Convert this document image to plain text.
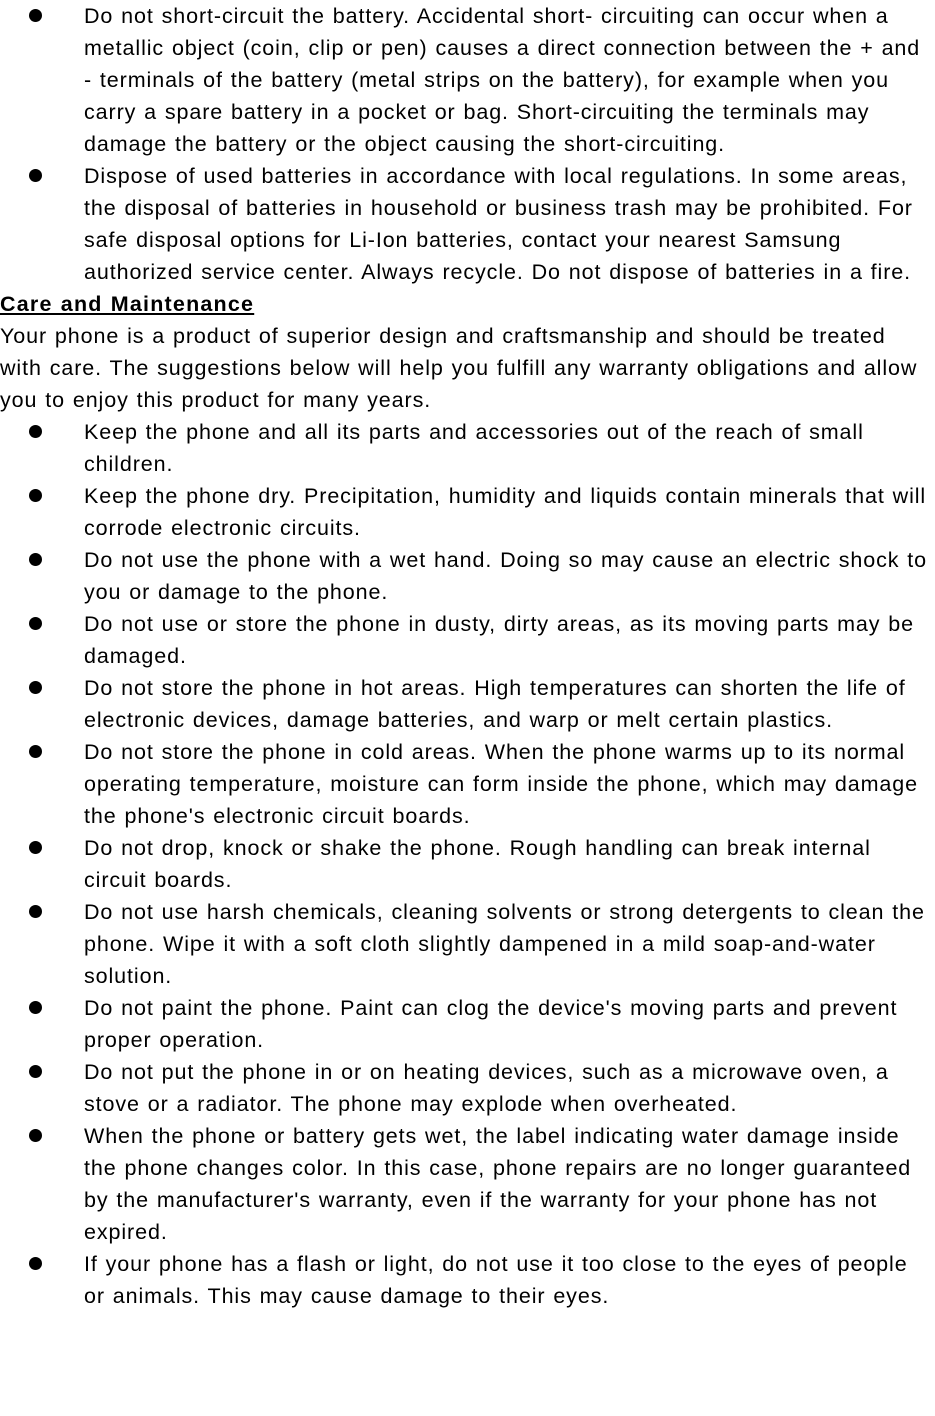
Do not short-circuit the battery. Accidental short- circuiting can occur when a metallic object (coin, clip or pen) causes a direct connection between the + and - terminals of the battery (metal strips on the battery), for example when you carry a spare battery in a pocket or bag. Short-circuiting the terminals may damage the battery or the object causing the short-circuiting.
Dispose of used batteries in accordance with local regulations. In some areas, the disposal of batteries in household or business trash may be prohibited. For safe disposal options for Li-Ion batteries, contact your nearest Samsung authorized service center. Always recycle. Do not dispose of batteries in a fire.
Care and Maintenance

Your phone is a product of superior design and craftsmanship and should be treated with care. The suggestions below will help you fulfill any warranty obligations and allow you to enjoy this product for many years.

Keep the phone and all its parts and accessories out of the reach of small children.
Keep the phone dry. Precipitation, humidity and liquids contain minerals that will corrode electronic circuits.
Do not use the phone with a wet hand. Doing so may cause an electric shock to you or damage to the phone.
Do not use or store the phone in dusty, dirty areas, as its moving parts may be damaged.
Do not store the phone in hot areas. High temperatures can shorten the life of electronic devices, damage batteries, and warp or melt certain plastics.
Do not store the phone in cold areas. When the phone warms up to its normal operating temperature, moisture can form inside the phone, which may damage the phone's electronic circuit boards.
Do not drop, knock or shake the phone. Rough handling can break internal circuit boards.
Do not use harsh chemicals, cleaning solvents or strong detergents to clean the phone. Wipe it with a soft cloth slightly dampened in a mild soap-and-water solution.
Do not paint the phone. Paint can clog the device's moving parts and prevent proper operation.
Do not put the phone in or on heating devices, such as a microwave oven, a stove or a radiator. The phone may explode when overheated.
When the phone or battery gets wet, the label indicating water damage inside the phone changes color. In this case, phone repairs are no longer guaranteed by the manufacturer's warranty, even if the warranty for your phone has not expired.
If your phone has a flash or light, do not use it too close to the eyes of people or animals. This may cause damage to their eyes.
